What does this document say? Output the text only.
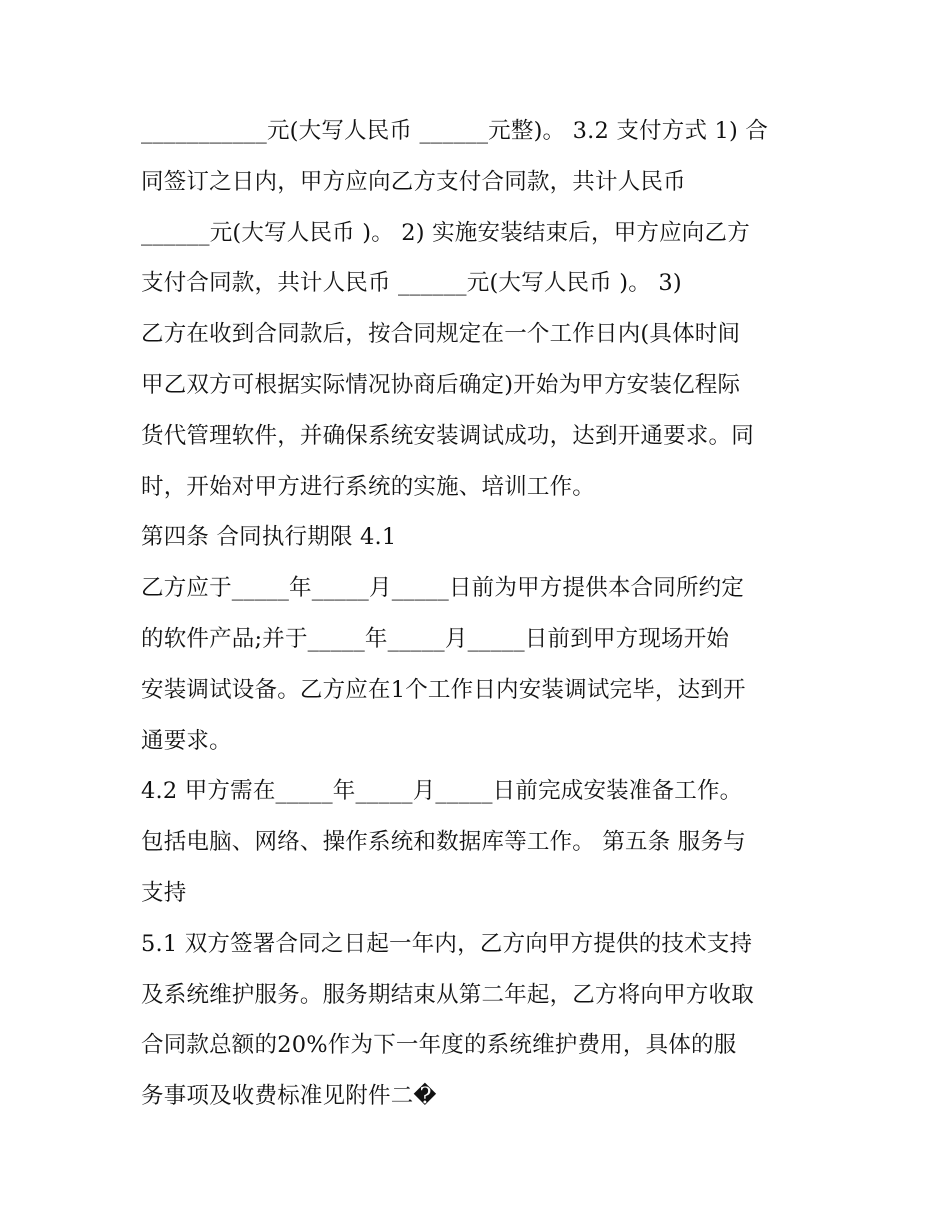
___________元(大写人民币 ______元整)。 3.2 支付方式 1) 合
同签订之日内，甲方应向乙方支付合同款，共计人民币
______元(大写人民币 )。 2) 实施安装结束后，甲方应向乙方
支付合同款，共计人民币 ______元(大写人民币 )。 3)
乙方在收到合同款后，按合同规定在一个工作日内(具体时间
甲乙双方可根据实际情况协商后确定)开始为甲方安装亿程际
货代管理软件，并确保系统安装调试成功，达到开通要求。同
时，开始对甲方进行系统的实施、培训工作。
第四条 合同执行期限 4.1
乙方应于_____年_____月_____日前为甲方提供本合同所约定
的软件产品;并于_____年_____月_____日前到甲方现场开始
安装调试设备。乙方应在1个工作日内安装调试完毕，达到开
通要求。
4.2 甲方需在_____年_____月_____日前完成安装准备工作。
包括电脑、网络、操作系统和数据库等工作。 第五条 服务与
支持
5.1 双方签署合同之日起一年内，乙方向甲方提供的技术支持
及系统维护服务。服务期结束从第二年起，乙方将向甲方收取
合同款总额的20%作为下一年度的系统维护费用，具体的服
务事项及收费标准见附件二�
